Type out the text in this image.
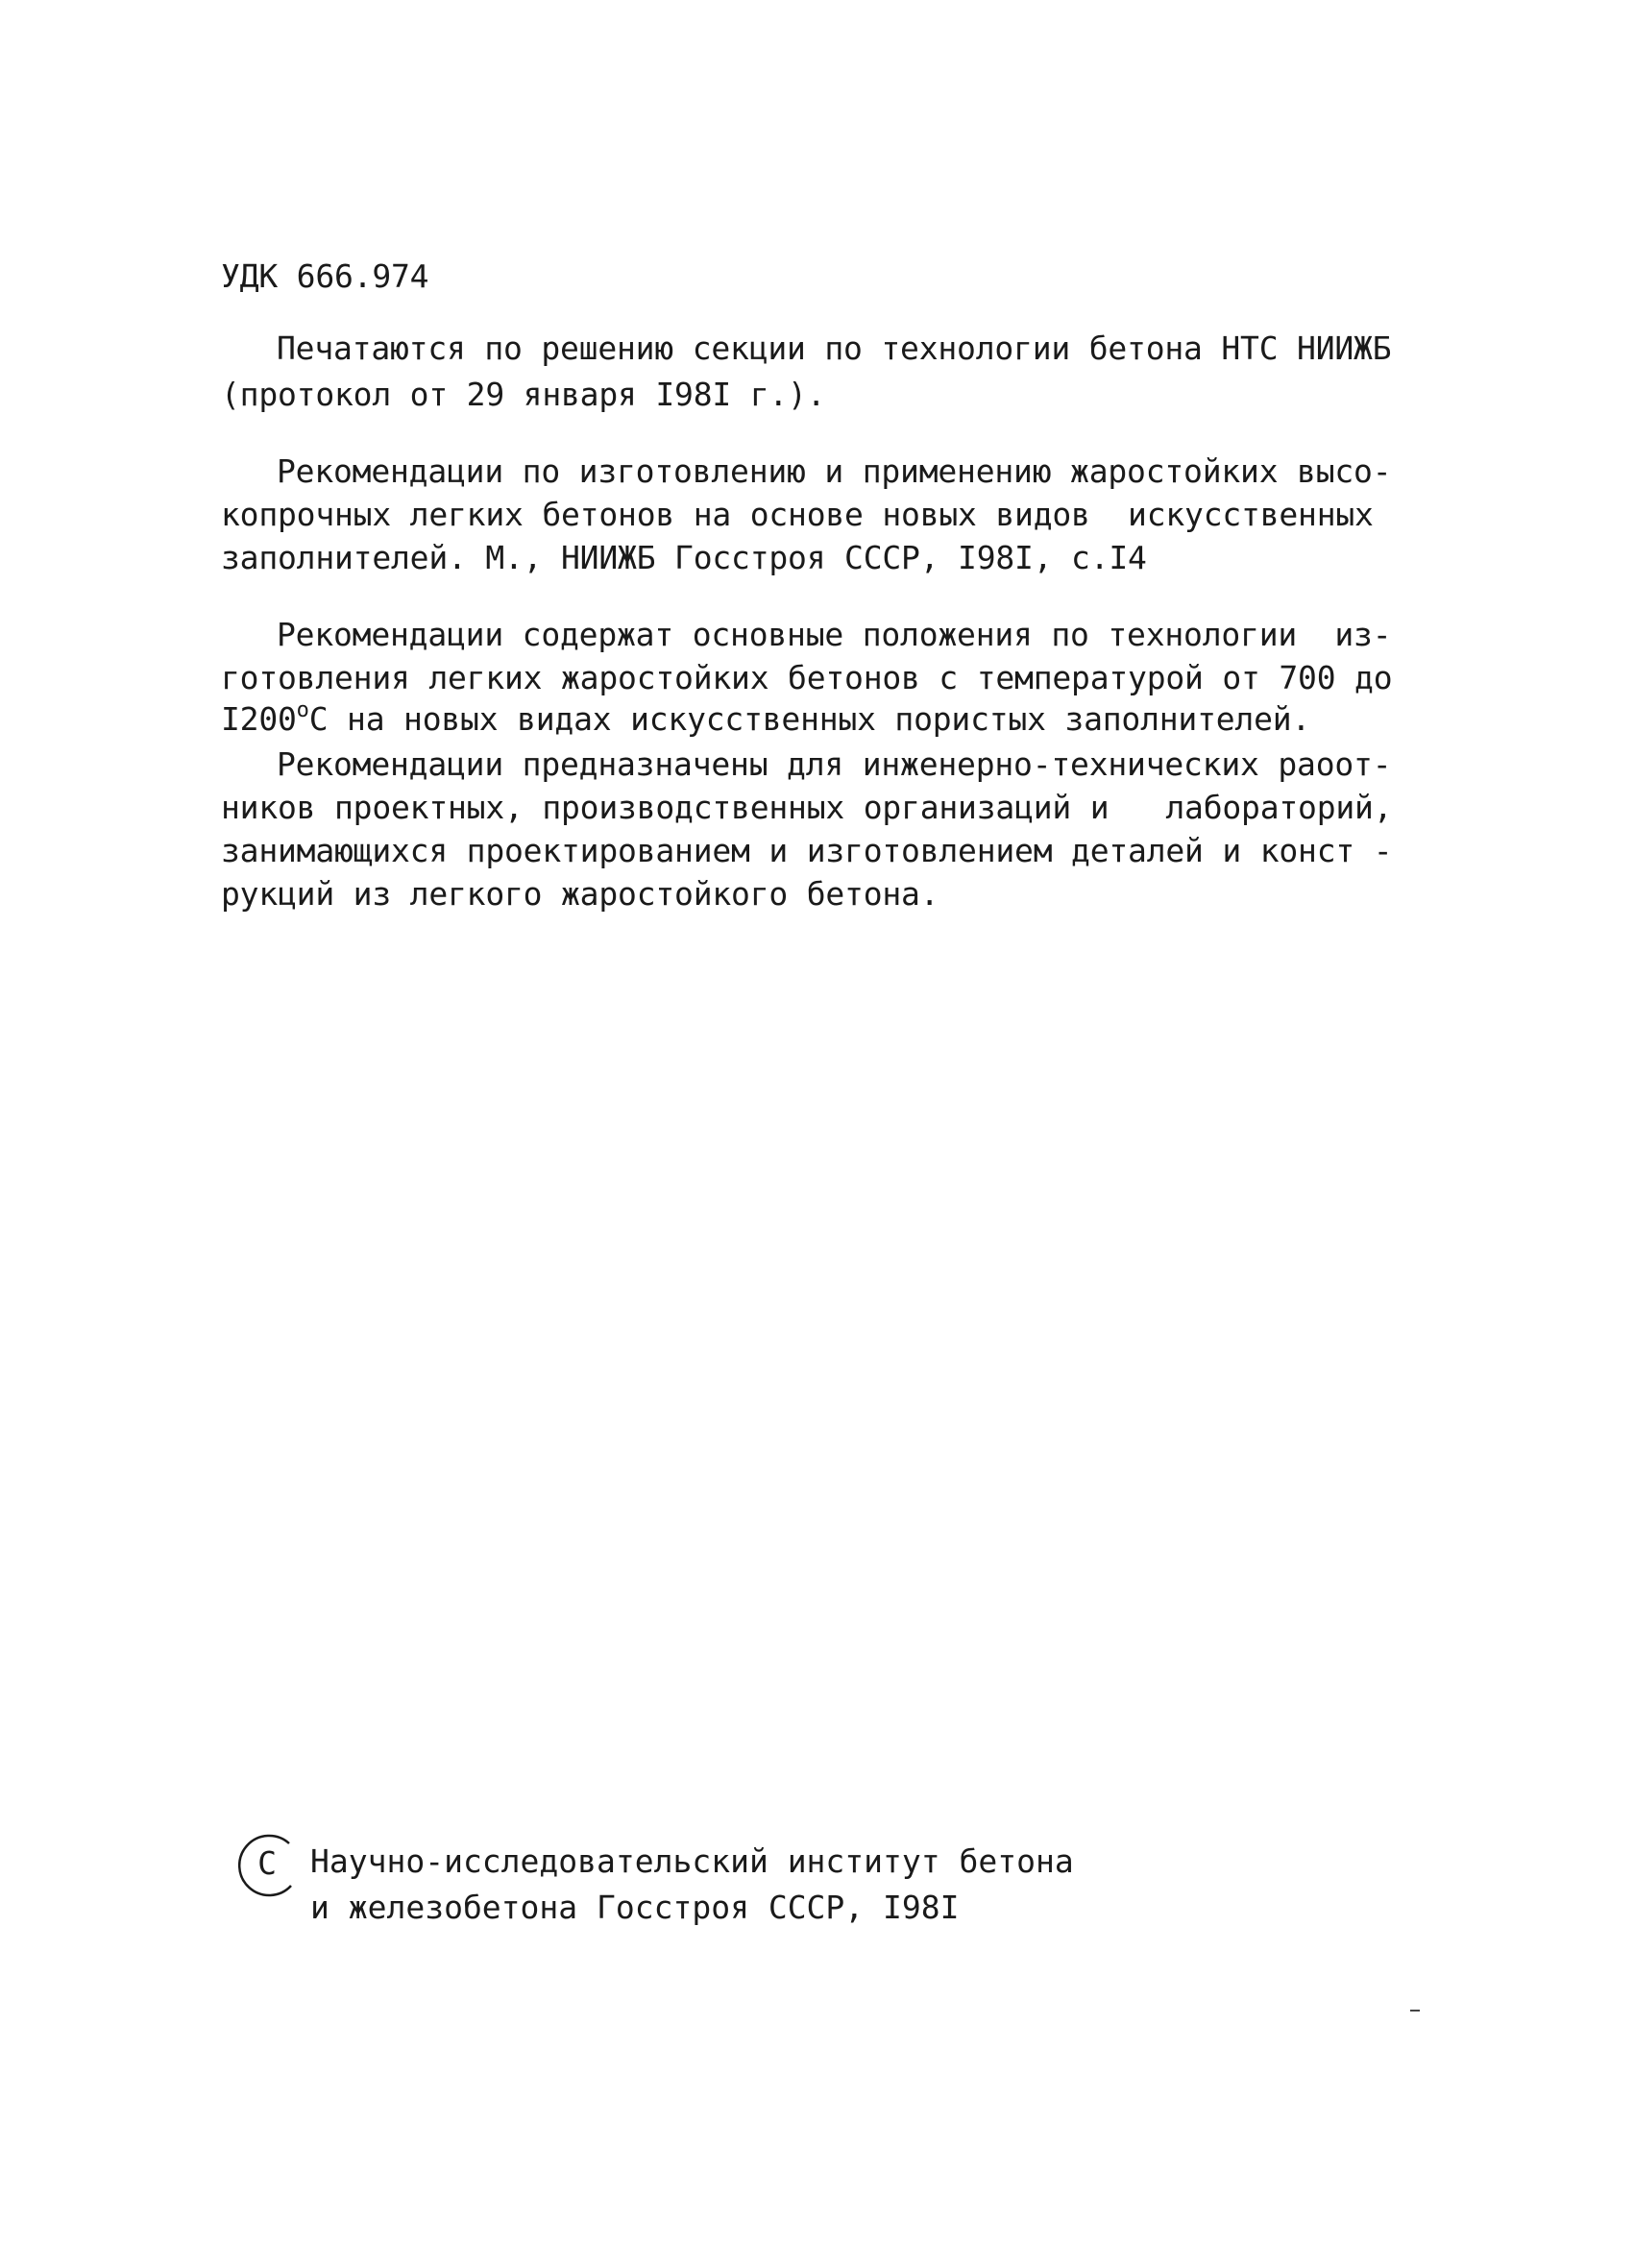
УДК 666.974
Печатаются по решению секции по технологии бетона НТС НИИЖБ
(протокол от 29 января I98I г.).
Рекомендации по изготовлению и применению жаростойких высо-
копрочных легких бетонов на основе новых видов  искусственных
заполнителей. М., НИИЖБ Госстроя СССР, I98I, с.I4
Рекомендации содержат основные положения по технологии  из-
готовления легких жаростойких бетонов с температурой от 700 до
I200$^o$С на новых видах искусственных пористых заполнителей.
Рекомендации предназначены для инженерно-технических раоот-
ников проектных, производственных организаций и   лабораторий,
занимающихся проектированием и изготовлением деталей и конст -
рукций из легкого жаростойкого бетона.
С Научно-исследовательский институт бетона
и железобетона Госстроя СССР, I98I
